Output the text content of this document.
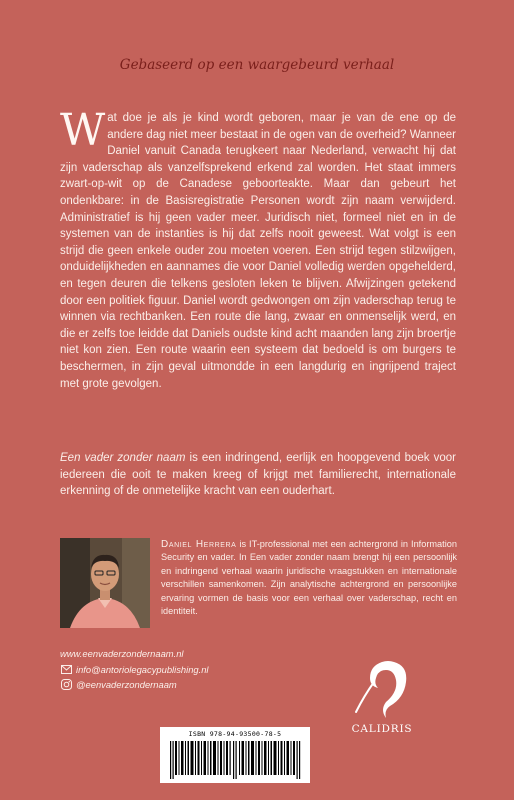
Gebaseerd op een waargebeurd verhaal

Wat doe je als je kind wordt geboren, maar je van de ene op de andere dag niet meer bestaat in de ogen van de overheid? Wanneer Daniel vanuit Canada terugkeert naar Nederland, verwacht hij dat zijn vaderschap als vanzelfsprekend erkend zal worden. Het staat immers zwart-op-wit op de Canadese geboorteakte. Maar dan gebeurt het ondenkbare: in de Basisregistratie Personen wordt zijn naam verwijderd. Administratief is hij geen vader meer. Juridisch niet, formeel niet en in de systemen van de instanties is hij dat zelfs nooit geweest. Wat volgt is een strijd die geen enkele ouder zou moeten voeren. Een strijd tegen stilzwijgen, onduidelijkheden en aannames die voor Daniel volledig werden opgehelderd, en tegen deuren die telkens gesloten leken te blijven. Afwijzingen getekend door een politiek figuur. Daniel wordt gedwongen om zijn vaderschap terug te winnen via rechtbanken. Een route die lang, zwaar en onmenselijk werd, en die er zelfs toe leidde dat Daniels oudste kind acht maanden lang zijn broertje niet kon zien. Een route waarin een systeem dat bedoeld is om burgers te beschermen, in zijn geval uitmondde in een langdurig en ingrijpend traject met grote gevolgen.

Een vader zonder naam is een indringend, eerlijk en hoopgevend boek voor iedereen die ooit te maken kreeg of krijgt met familierecht, internationale erkenning of de onmetelijke kracht van een ouderhart.
Daniel Herrera is IT-professional met een achtergrond in Information Security en vader. In Een vader zonder naam brengt hij een persoonlijk en indringend verhaal waarin juridische vraagstukken en internationale verschillen samenkomen. Zijn analytische achtergrond en persoonlijke ervaring vormen de basis voor een verhaal over vaderschap, recht en identiteit.
www.eenvaderzondernaam.nl
info@antoriolegacypublishing.nl
@eenvaderzondernaam
ISBN 978-94-93500-78-5	CALIDRIS
